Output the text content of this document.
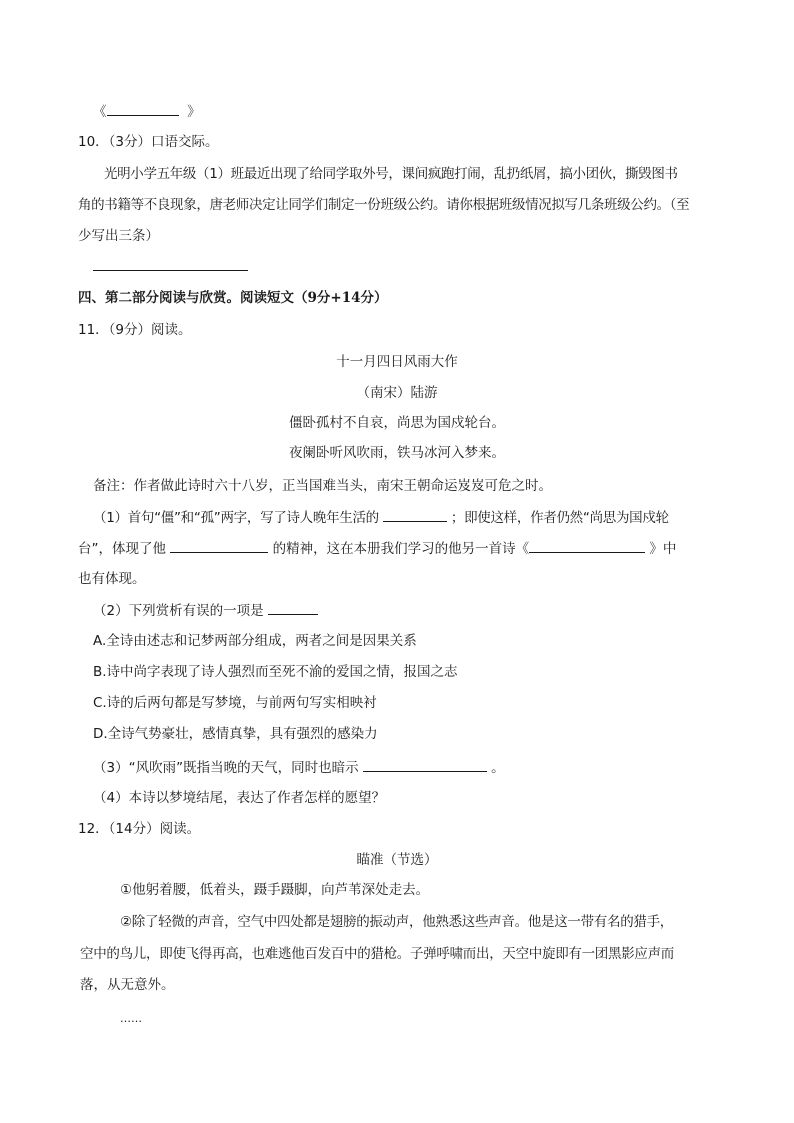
《	》
10．（3分）口语交际。
光明小学五年级（1）班最近出现了给同学取外号，课间疯跑打闹，乱扔纸屑，搞小团伙，撕毁图书
角的书籍等不良现象，唐老师决定让同学们制定一份班级公约。请你根据班级情况拟写几条班级公约。（至
少写出三条）
四、第二部分阅读与欣赏。阅读短文（9分+14分）
11．（9分）阅读。
十一月四日风雨大作
（南宋）陆游
僵卧孤村不自哀，尚思为国戍轮台。
夜阑卧听风吹雨，铁马冰河入梦来。
备注：作者做此诗时六十八岁，正当国难当头，南宋王朝命运岌岌可危之时。
（1）首句“僵”和“孤”两字，写了诗人晚年生活的	；即使这样，作者仍然“尚思为国戍轮
台”，体现了他	的精神，这在本册我们学习的他另一首诗《	》中
也有体现。
（2）下列赏析有误的一项是
A.全诗由述志和记梦两部分组成，两者之间是因果关系
B.诗中尚字表现了诗人强烈而至死不渝的爱国之情，报国之志
C.诗的后两句都是写梦境，与前两句写实相映衬
D.全诗气势豪壮，感情真挚，具有强烈的感染力
（3）“风吹雨”既指当晚的天气，同时也暗示	。
（4）本诗以梦境结尾，表达了作者怎样的愿望？
12．（14分）阅读。
瞄准（节选）
①他躬着腰，低着头，蹑手蹑脚，向芦苇深处走去。
②除了轻微的声音，空气中四处都是翅膀的振动声，他熟悉这些声音。他是这一带有名的猎手，
空中的鸟儿，即使飞得再高，也难逃他百发百中的猎枪。子弹呼啸而出，天空中旋即有一团黑影应声而
落，从无意外。
……
